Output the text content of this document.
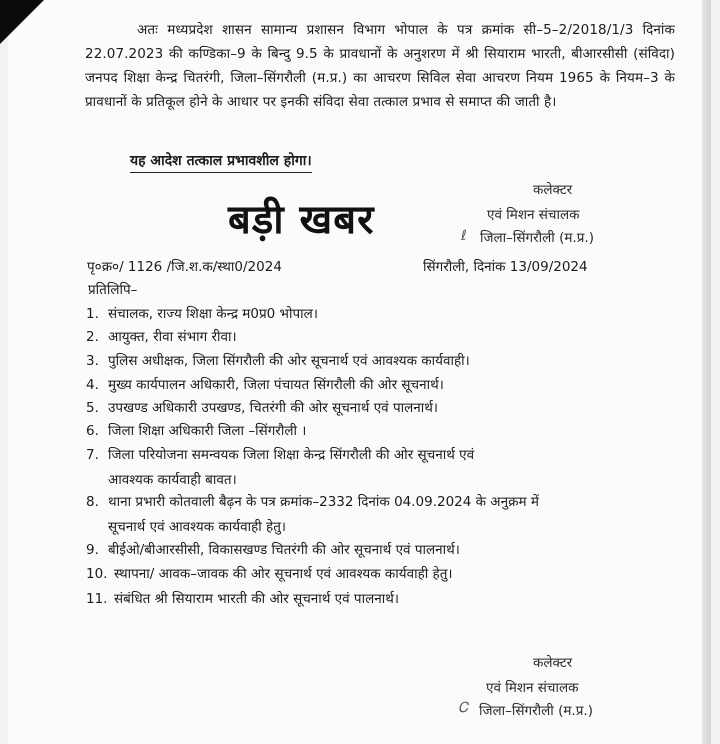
अतः मध्यप्रदेश शासन सामान्य प्रशासन विभाग भोपाल के पत्र क्रमांक सी–5–2/2018/1/3 दिनांक 22.07.2023 की कण्डिका–9 के बिन्दु 9.5 के प्रावधानों के अनुशरण में श्री सियाराम भारती, बीआरसीसी (संविदा) जनपद शिक्षा केन्द्र चितरंगी, जिला–सिंगरौली (म.प्र.) का आचरण सिविल सेवा आचरण नियम 1965 के नियम–3 के प्रावधानों के प्रतिकूल होने के आधार पर इनकी संविदा सेवा तत्काल प्रभाव से समाप्त की जाती है।
यह आदेश तत्काल प्रभावशील होगा।
कलेक्टर
एवं मिशन संचालक
ℓ जिला–सिंगरौली (म.प्र.)
बड़ी खबर
पृ०क्र०/ 1126 /जि.श.क/स्था0/2024	सिंगरौली, दिनांक 13/09/2024
प्रतिलिपि–
1. संचालक, राज्य शिक्षा केन्द्र म0प्र0 भोपाल।
2. आयुक्त, रीवा संभाग रीवा।
3. पुलिस अधीक्षक, जिला सिंगरौली की ओर सूचनार्थ एवं आवश्यक कार्यवाही।
4. मुख्य कार्यपालन अधिकारी, जिला पंचायत सिंगरौली की ओर सूचनार्थ।
5. उपखण्ड अधिकारी उपखण्ड, चितरंगी की ओर सूचनार्थ एवं पालनार्थ।
6. जिला शिक्षा अधिकारी जिला –सिंगरौली ।
7. जिला परियोजना समन्वयक जिला शिक्षा केन्द्र सिंगरौली की ओर सूचनार्थ एवं
आवश्यक कार्यवाही बावत।
8. थाना प्रभारी कोतवाली बैढ़न के पत्र क्रमांक–2332 दिनांक 04.09.2024 के अनुक्रम में
सूचनार्थ एवं आवश्यक कार्यवाही हेतु।
9. बीईओ/बीआरसीसी, विकासखण्ड चितरंगी की ओर सूचनार्थ एवं पालनार्थ।
10. स्थापना/ आवक–जावक की ओर सूचनार्थ एवं आवश्यक कार्यवाही हेतु।
11. संबंधित श्री सियाराम भारती की ओर सूचनार्थ एवं पालनार्थ।
कलेक्टर
एवं मिशन संचालक
Ꮯ जिला–सिंगरौली (म.प्र.)
